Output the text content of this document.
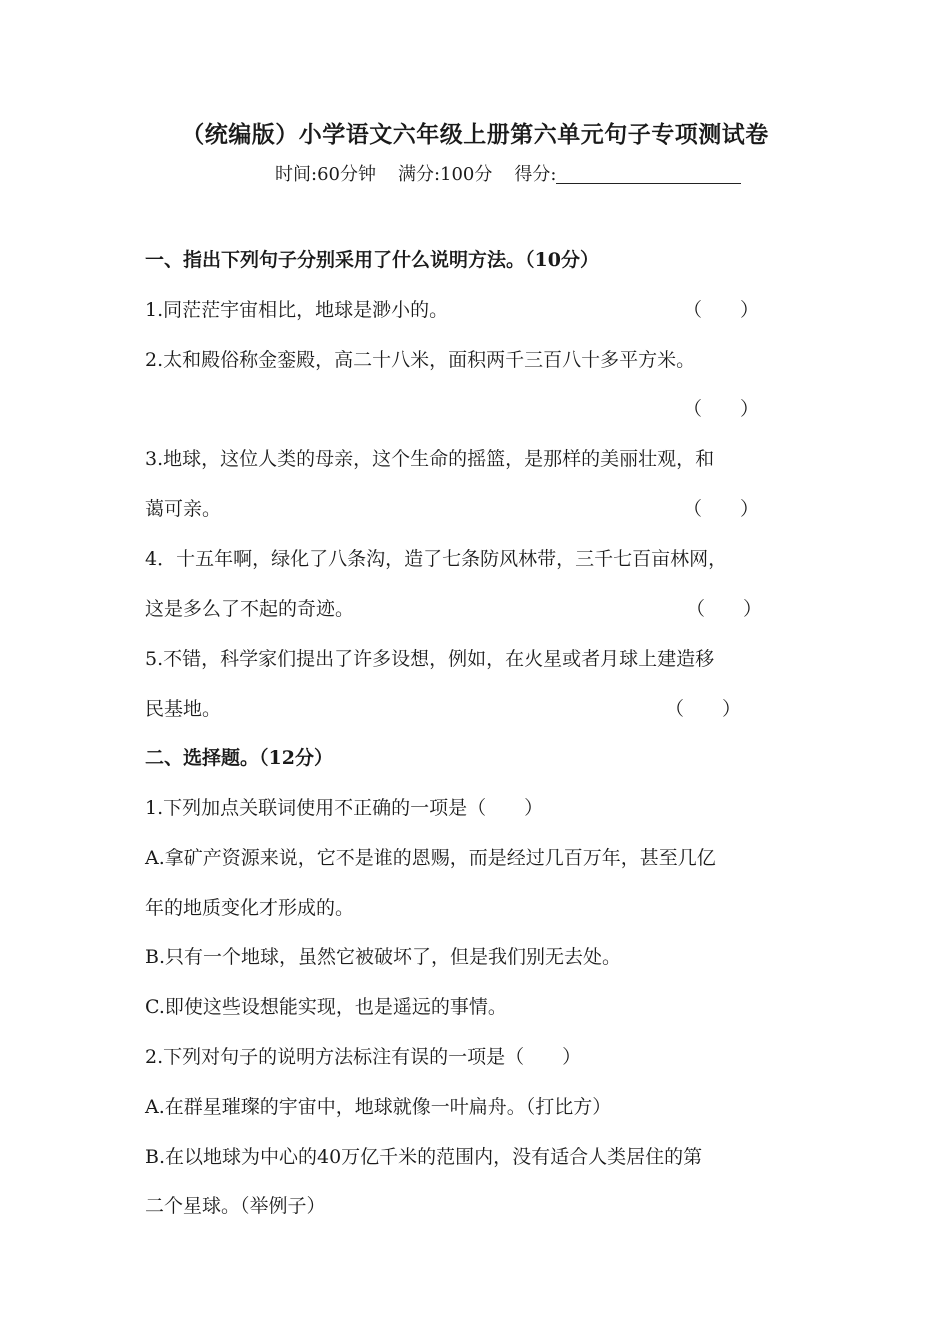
（统编版）小学语文六年级上册第六单元句子专项测试卷
时间:60分钟 满分:100分 得分:
一、指出下列句子分别采用了什么说明方法。（10分）
1.同茫茫宇宙相比，地球是渺小的。	（　　）
2.太和殿俗称金銮殿，高二十八米，面积两千三百八十多平方米。
（　　）
3.地球，这位人类的母亲，这个生命的摇篮，是那样的美丽壮观，和
蔼可亲。	（　　）
4．十五年啊，绿化了八条沟，造了七条防风林带，三千七百亩林网，
这是多么了不起的奇迹。	（　　）
5.不错，科学家们提出了许多设想，例如，在火星或者月球上建造移
民基地。	（　　）
二、选择题。（12分）
1.下列加点关联词使用不正确的一项是（　　）
A.拿矿产资源来说，它不是谁的恩赐，而是经过几百万年，甚至几亿
年的地质变化才形成的。
B.只有一个地球，虽然它被破坏了，但是我们别无去处。
C.即使这些设想能实现，也是遥远的事情。
2.下列对句子的说明方法标注有误的一项是（　　）
A.在群星璀璨的宇宙中，地球就像一叶扁舟。（打比方）
B.在以地球为中心的40万亿千米的范围内，没有适合人类居住的第
二个星球。（举例子）
